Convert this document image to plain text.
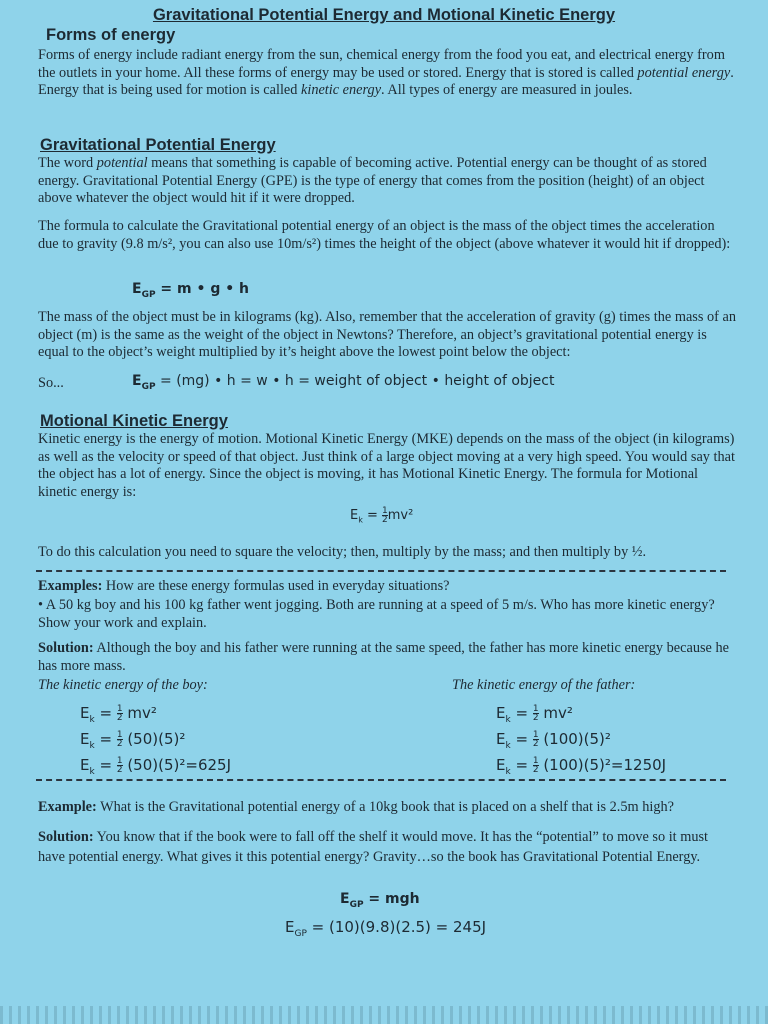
Gravitational Potential Energy and Motional Kinetic Energy
Forms of energy
Forms of energy include radiant energy from the sun, chemical energy from the food you eat, and electrical energy from the outlets in your home. All these forms of energy may be used or stored. Energy that is stored is called potential energy. Energy that is being used for motion is called kinetic energy. All types of energy are measured in joules.
Gravitational Potential Energy
The word potential means that something is capable of becoming active. Potential energy can be thought of as stored energy. Gravitational Potential Energy (GPE) is the type of energy that comes from the position (height) of an object above whatever the object would hit if it were dropped.
The formula to calculate the Gravitational potential energy of an object is the mass of the object times the acceleration due to gravity (9.8 m/s², you can also use 10m/s²) times the height of the object (above whatever it would hit if dropped):
$E_{GP} = m$ • g • h
The mass of the object must be in kilograms (kg). Also, remember that the acceleration of gravity (g) times the mass of an object (m) is the same as the weight of the object in Newtons? Therefore, an object’s gravitational potential energy is equal to the object’s weight multiplied by it’s height above the lowest point below the object:
So...	$E_{GP} = (mg)$ • h = w • h = weight of object • height of object
Motional Kinetic Energy
Kinetic energy is the energy of motion. Motional Kinetic Energy (MKE) depends on the mass of the object (in kilograms) as well as the velocity or speed of that object. Just think of a large object moving at a very high speed. You would say that the object has a lot of energy. Since the object is moving, it has Motional Kinetic Energy. The formula for Motional kinetic energy is:
$E_k = \frac{1}{2} mv^2$
To do this calculation you need to square the velocity; then, multiply by the mass; and then multiply by ½.
Examples: How are these energy formulas used in everyday situations?
• A 50 kg boy and his 100 kg father went jogging. Both are running at a speed of 5 m/s. Who has more kinetic energy? Show your work and explain.
Solution: Although the boy and his father were running at the same speed, the father has more kinetic energy because he has more mass.
The kinetic energy of the boy:	The kinetic energy of the father:
$E_k = \frac{1}{2} mv^2$
$E_k = \frac{1}{2} (50)(5)^2$
$E_k = \frac{1}{2} (50)(5)^2=625J$
$E_k = \frac{1}{2} mv^2$
$E_k = \frac{1}{2} (100)(5)^2$
$E_k = \frac{1}{2} (100)(5)^2=1250J$
Example: What is the Gravitational potential energy of a 10kg book that is placed on a shelf that is 2.5m high?
Solution: You know that if the book were to fall off the shelf it would move. It has the “potential” to move so it must have potential energy. What gives it this potential energy? Gravity…so the book has Gravitational Potential Energy.
$E_{GP}$ = mgh
$E_{GP} = (10)(9.8)(2.5) = 245J$
